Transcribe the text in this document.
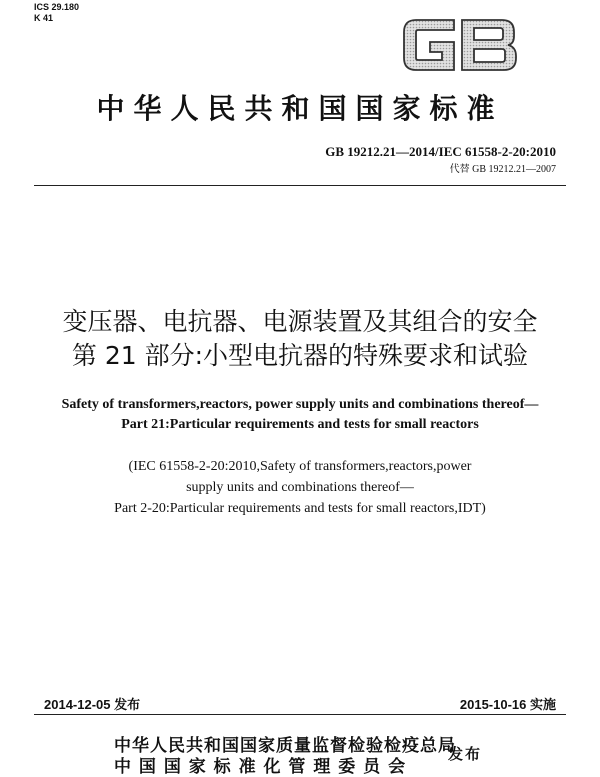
ICS 29.180
K 41
中华人民共和国国家标准
GB 19212.21—2014/IEC 61558-2-20:2010
代替 GB 19212.21—2007
变压器、电抗器、电源装置及其组合的安全
第 21 部分:小型电抗器的特殊要求和试验
Safety of transformers,reactors, power supply units and combinations thereof—
Part 21:Particular requirements and tests for small reactors
(IEC 61558-2-20:2010,Safety of transformers,reactors,power
supply units and combinations thereof—
Part 2-20:Particular requirements and tests for small reactors,IDT)
2014-12-05 发布	2015-10-16 实施
中华人民共和国国家质量监督检验检疫总局
中 国 国 家 标 准 化 管 理 委 员 会
发布
